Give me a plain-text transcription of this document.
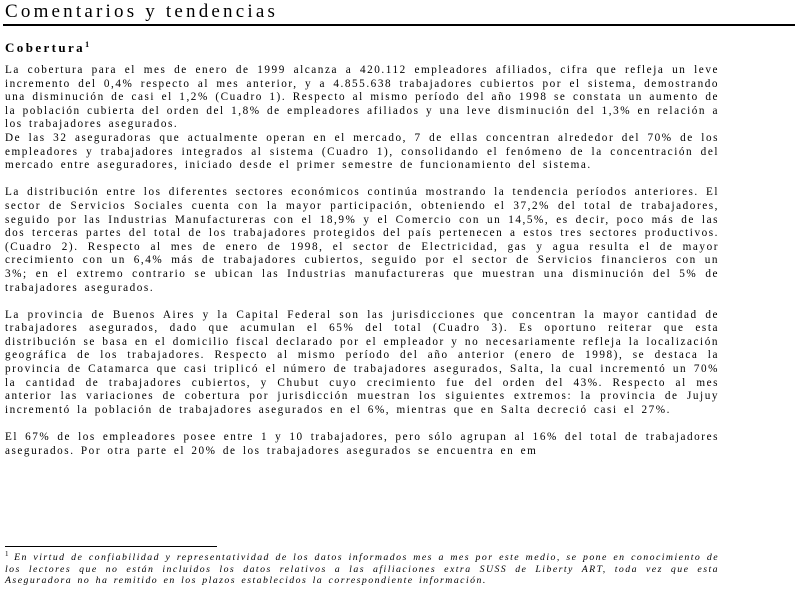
Comentarios y tendencias
Cobertura$^1$

La cobertura para el mes de enero de 1999 alcanza a 420.112 empleadores afiliados, cifra que refleja un leve incremento del 0,4% respecto al mes anterior, y a 4.855.638 trabajadores cubiertos por el sistema, demostrando una disminución de casi el 1,2% (Cuadro 1). Respecto al mismo período del año 1998 se constata un aumento de la población cubierta del orden del 1,8% de empleadores afiliados y una leve disminución del 1,3% en relación a los trabajadores asegurados.

De las 32 aseguradoras que actualmente operan en el mercado, 7 de ellas concentran alrededor del 70% de los empleadores y trabajadores integrados al sistema (Cuadro 1), consolidando el fenómeno de la concentración del mercado entre aseguradores, iniciado desde el primer semestre de funcionamiento del sistema.

La distribución entre los diferentes sectores económicos continúa mostrando la tendencia períodos anteriores. El sector de Servicios Sociales cuenta con la mayor participación, obteniendo el 37,2% del total de trabajadores, seguido por las Industrias Manufactureras con el 18,9% y el Comercio con un 14,5%, es decir, poco más de las dos terceras partes del total de los trabajadores protegidos del país pertenecen a estos tres sectores productivos. (Cuadro 2). Respecto al mes de enero de 1998, el sector de Electricidad, gas y agua resulta el de mayor crecimiento con un 6,4% más de trabajadores cubiertos, seguido por el sector de Servicios financieros con un 3%; en el extremo contrario se ubican las Industrias manufactureras que muestran una disminución del 5% de trabajadores asegurados.

La provincia de Buenos Aires y la Capital Federal son las jurisdicciones que concentran la mayor cantidad de trabajadores asegurados, dado que acumulan el 65% del total (Cuadro 3). Es oportuno reiterar que esta distribución se basa en el domicilio fiscal declarado por el empleador y no necesariamente refleja la localización geográfica de los trabajadores. Respecto al mismo período del año anterior (enero de 1998), se destaca la provincia de Catamarca que casi triplicó el número de trabajadores asegurados, Salta, la cual incrementó un 70% la cantidad de trabajadores cubiertos, y Chubut cuyo crecimiento fue del orden del 43%. Respecto al mes anterior las variaciones de cobertura por jurisdicción muestran los siguientes extremos: la provincia de Jujuy incrementó la población de trabajadores asegurados en el 6%, mientras que en Salta decreció casi el 27%.

El 67% de los empleadores posee entre 1 y 10 trabajadores, pero sólo agrupan al 16% del total de trabajadores asegurados. Por otra parte el 20% de los trabajadores asegurados se encuentra en em

$^1$ En virtud de confiabilidad y representatividad de los datos informados mes a mes por este medio, se pone en conocimiento de los lectores que no están incluidos los datos relativos a las afiliaciones extra SUSS de Liberty ART, toda vez que esta Aseguradora no ha remitido en los plazos establecidos la correspondiente información.
